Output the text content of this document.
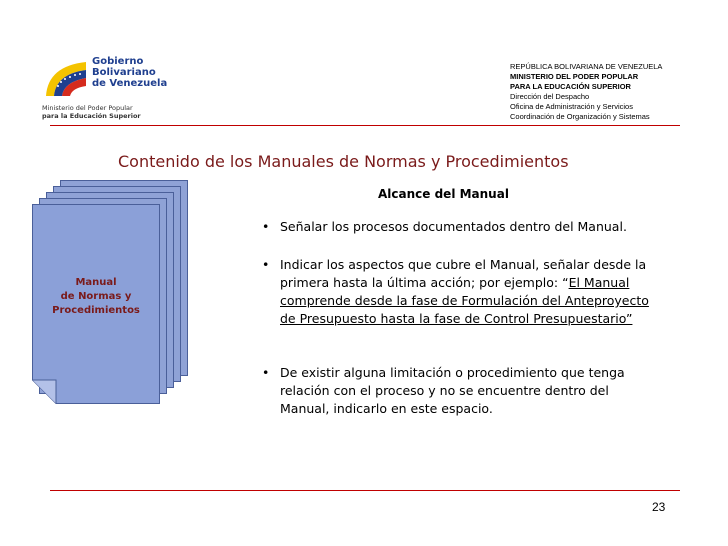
Gobierno
Bolivariano
de Venezuela
Ministerio del Poder Popular
para la Educación Superior
REPÚBLICA BOLIVARIANA DE VENEZUELA
MINISTERIO DEL PODER POPULAR
PARA LA EDUCACIÓN SUPERIOR
Dirección del Despacho
Oficina de Administración y Servicios
Coordinación de Organización y Sistemas
Contenido de los Manuales de Normas y Procedimientos
Alcance del Manual
Manual
de Normas y
Procedimientos
• Señalar los procesos documentados dentro del Manual.
• Indicar los aspectos que cubre el Manual, señalar desde la primera hasta la última acción; por ejemplo: “El Manual comprende desde la fase de Formulación del Anteproyecto de Presupuesto hasta la fase de Control Presupuestario”
• De existir alguna limitación o procedimiento que tenga relación con el proceso y no se encuentre dentro del Manual, indicarlo en este espacio.
23
